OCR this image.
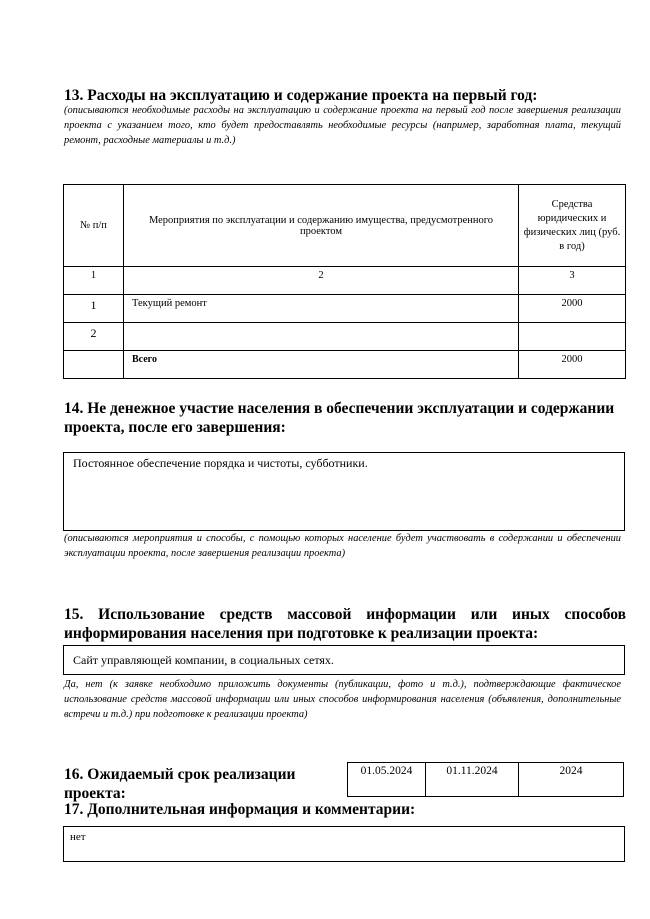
13. Расходы на эксплуатацию и содержание проекта на первый год:
(описываются необходимые расходы на эксплуатацию и содержание проекта на первый год после завершения реализации проекта с указанием того, кто будет предоставлять необходимые ресурсы (например, заработная плата, текущий ремонт, расходные материалы и т.д.)
№ п/п	Мероприятия по эксплуатации и содержанию имущества, предусмотренного проектом	Средства юридических и физических лиц (руб. в год)
1	2	3
1	Текущий ремонт	2000
2		
	Всего	2000
14. Не денежное участие населения в обеспечении эксплуатации и содержании проекта, после его завершения:
Постоянное обеспечение порядка и чистоты, субботники.
(описываются мероприятия и способы, с помощью которых население будет участвовать в содержании и обеспечении эксплуатации проекта, после завершения реализации проекта)
15. Использование средств массовой информации или иных способов информирования населения при подготовке к реализации проекта:
Сайт управляющей компании, в социальных сетях.
Да, нет (к заявке необходимо приложить документы (публикации, фото и т.д.), подтверждающие фактическое использование средств массовой информации или иных способов информирования населения (объявления, дополнительные встречи и т.д.) при подготовке к реализации проекта)
16. Ожидаемый срок реализации проекта:
01.05.2024	01.11.2024	2024
17. Дополнительная информация и комментарии:
нет
